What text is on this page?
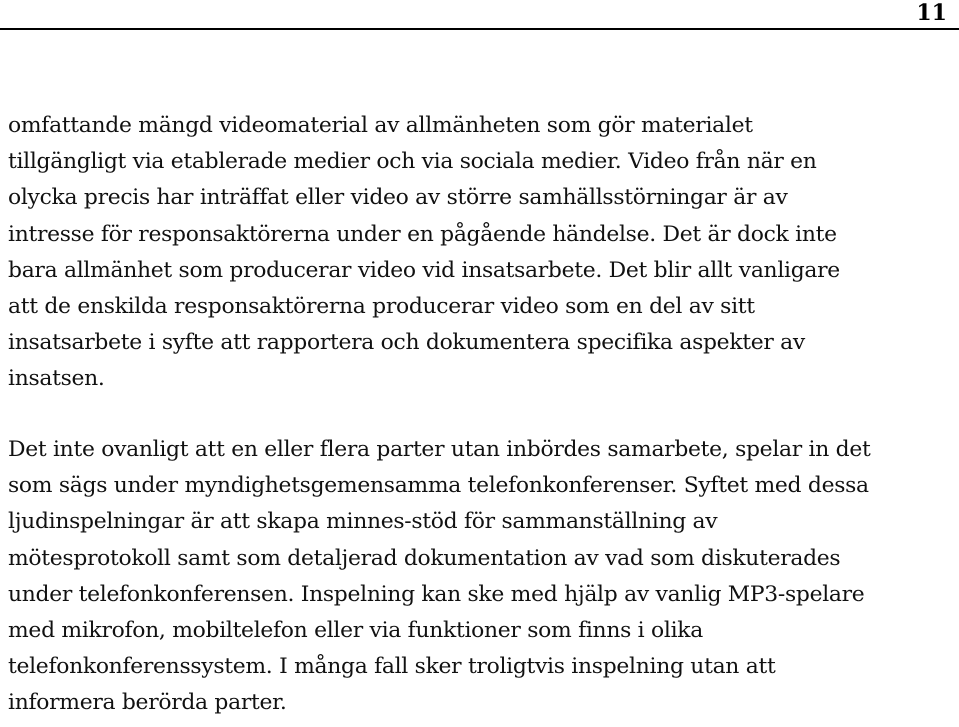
11
omfattande mängd videomaterial av allmänheten som gör materialet
tillgängligt via etablerade medier och via sociala medier. Video från när en
olycka precis har inträffat eller video av större samhällsstörningar är av
intresse för responsaktörerna under en pågående händelse. Det är dock inte
bara allmänhet som producerar video vid insatsarbete. Det blir allt vanligare
att de enskilda responsaktörerna producerar video som en del av sitt
insatsarbete i syfte att rapportera och dokumentera specifika aspekter av
insatsen.
Det inte ovanligt att en eller flera parter utan inbördes samarbete, spelar in det
som sägs under myndighetsgemensamma telefonkonferenser. Syftet med dessa
ljudinspelningar är att skapa minnes-stöd för sammanställning av
mötesprotokoll samt som detaljerad dokumentation av vad som diskuterades
under telefonkonferensen. Inspelning kan ske med hjälp av vanlig MP3-spelare
med mikrofon, mobiltelefon eller via funktioner som finns i olika
telefonkonferenssystem. I många fall sker troligtvis inspelning utan att
informera berörda parter.
